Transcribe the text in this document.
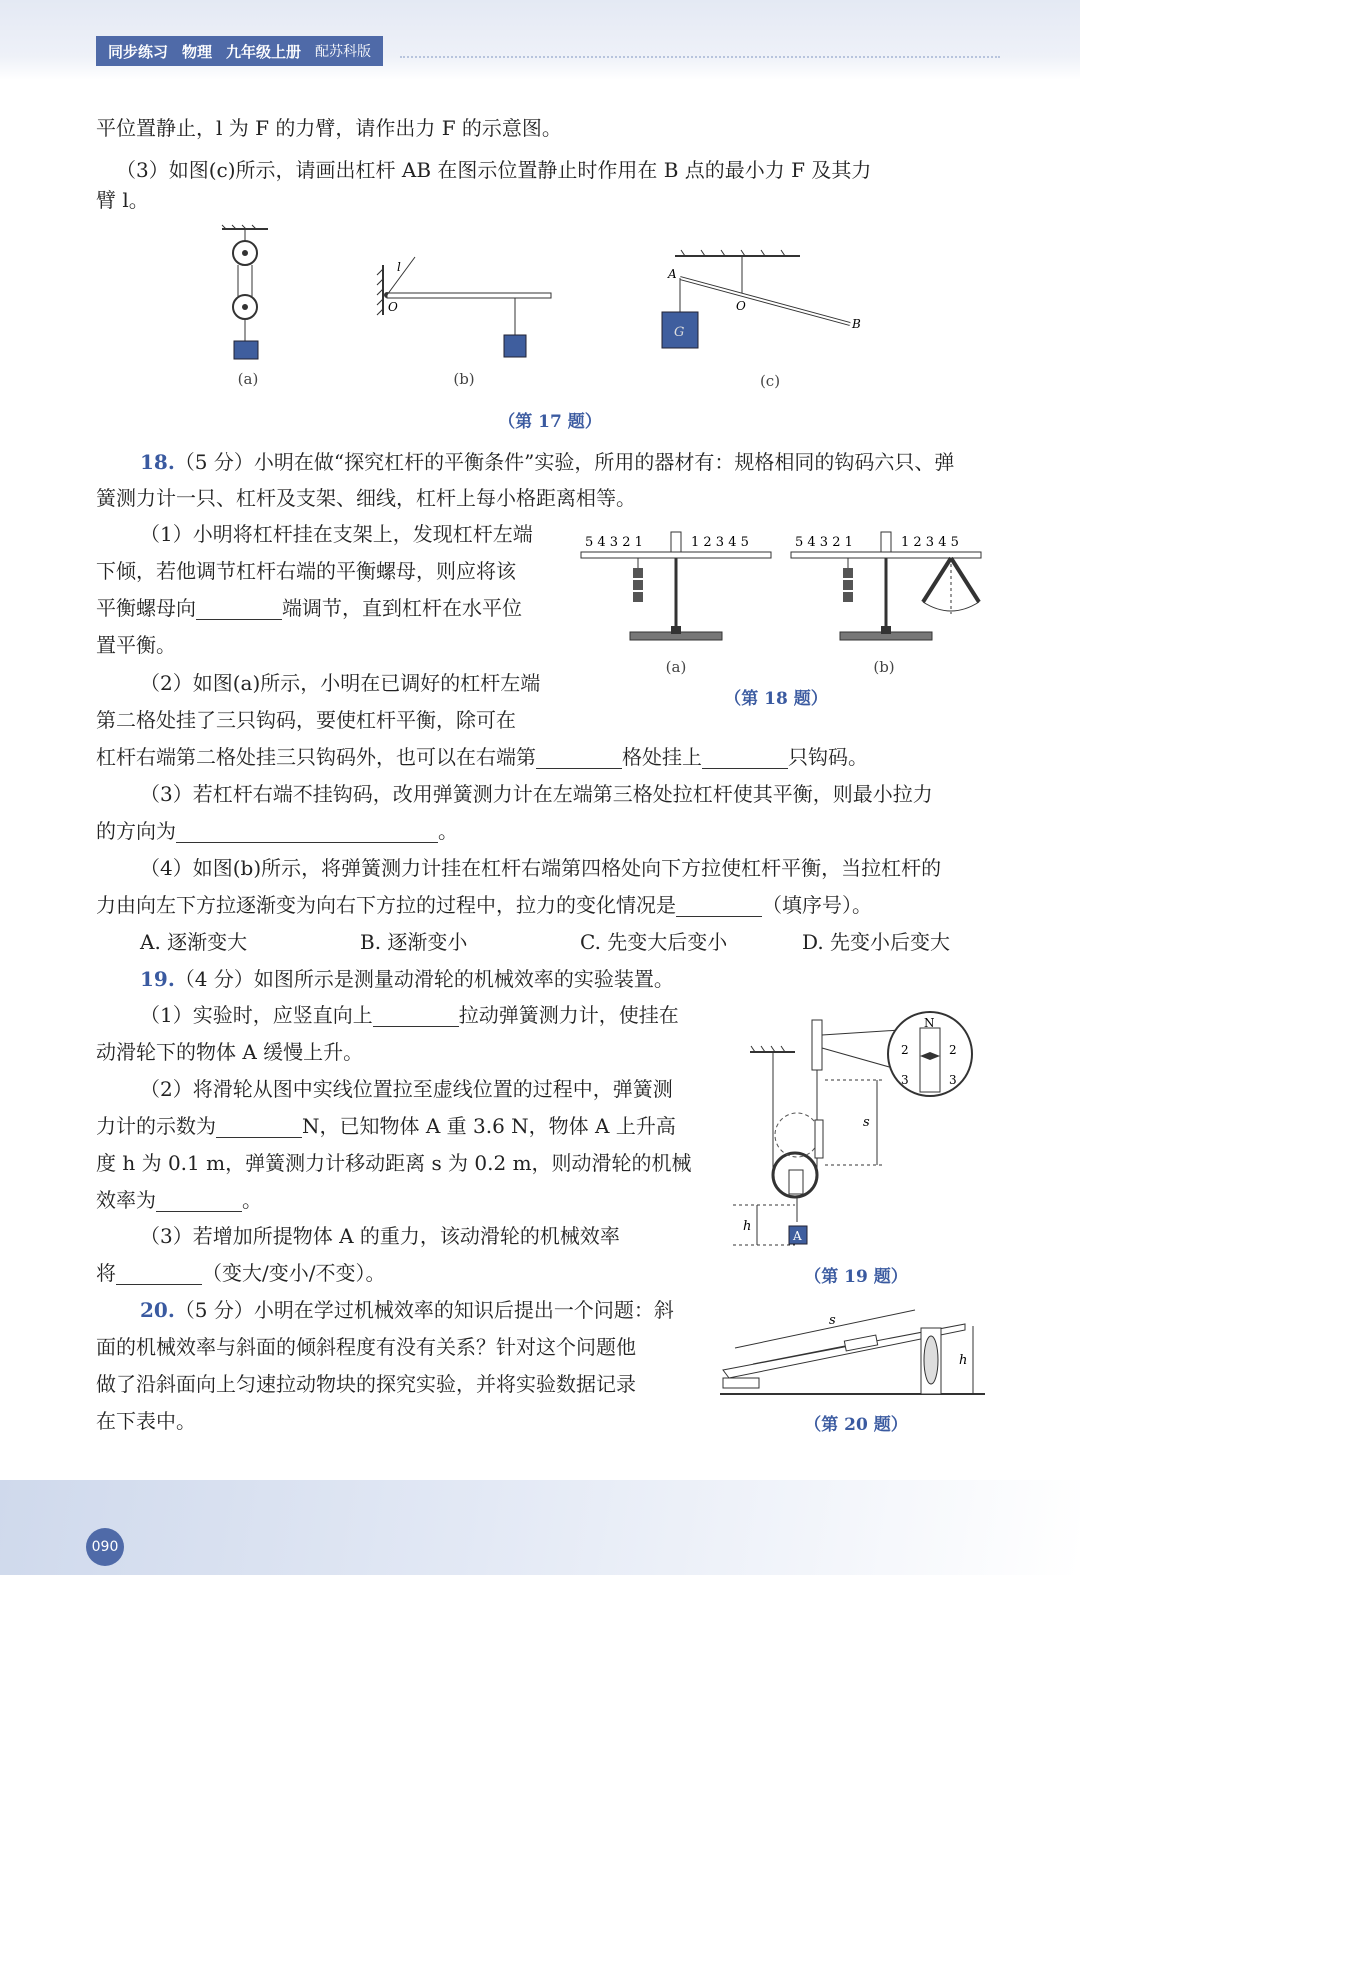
同步练习 物理 九年级上册 配苏科版
平位置静止，l 为 F 的力臂，请作出力 F 的示意图。
（3）如图(c)所示，请画出杠杆 AB 在图示位置静止时作用在 B 点的最小力 F 及其力
臂 l。
(a)
O
l
(b)
G
A
O
B
(c)
（第 17 题）
18.（5 分）小明在做“探究杠杆的平衡条件”实验，所用的器材有：规格相同的钩码六只、弹
簧测力计一只、杠杆及支架、细线，杠杆上每小格距离相等。
（1）小明将杠杆挂在支架上，发现杠杆左端
下倾，若他调节杠杆右端的平衡螺母，则应将该
平衡螺母向	端调节，直到杠杆在水平位
置平衡。
（2）如图(a)所示，小明在已调好的杠杆左端
第二格处挂了三只钩码，要使杠杆平衡，除可在
杠杆右端第二格处挂三只钩码外，也可以在右端第	格处挂上	只钩码。
（3）若杠杆右端不挂钩码，改用弹簧测力计在左端第三格处拉杠杆使其平衡，则最小拉力
的方向为	。
（4）如图(b)所示，将弹簧测力计挂在杠杆右端第四格处向下方拉使杠杆平衡，当拉杠杆的
力由向左下方拉逐渐变为向右下方拉的过程中，拉力的变化情况是	（填序号）。
A. 逐渐变大	B. 逐渐变小	C. 先变大后变小	D. 先变小后变大
5 4 3 2 1	1 2 3 4 5
(a)
5 4 3 2 1	1 2 3 4 5
(b)
（第 18 题）
19.（4 分）如图所示是测量动滑轮的机械效率的实验装置。
（1）实验时，应竖直向上	拉动弹簧测力计，使挂在
动滑轮下的物体 A 缓慢上升。
（2）将滑轮从图中实线位置拉至虚线位置的过程中，弹簧测
力计的示数为	N，已知物体 A 重 3.6 N，物体 A 上升高
度 h 为 0.1 m，弹簧测力计移动距离 s 为 0.2 m，则动滑轮的机械
效率为	。
（3）若增加所提物体 A 的重力，该动滑轮的机械效率
将	（变大/变小/不变）。
A
s
h
N
2	2
3	3
（第 19 题）
20.（5 分）小明在学过机械效率的知识后提出一个问题：斜
面的机械效率与斜面的倾斜程度有没有关系？针对这个问题他
做了沿斜面向上匀速拉动物块的探究实验，并将实验数据记录
在下表中。
s
h
（第 20 题）
090
